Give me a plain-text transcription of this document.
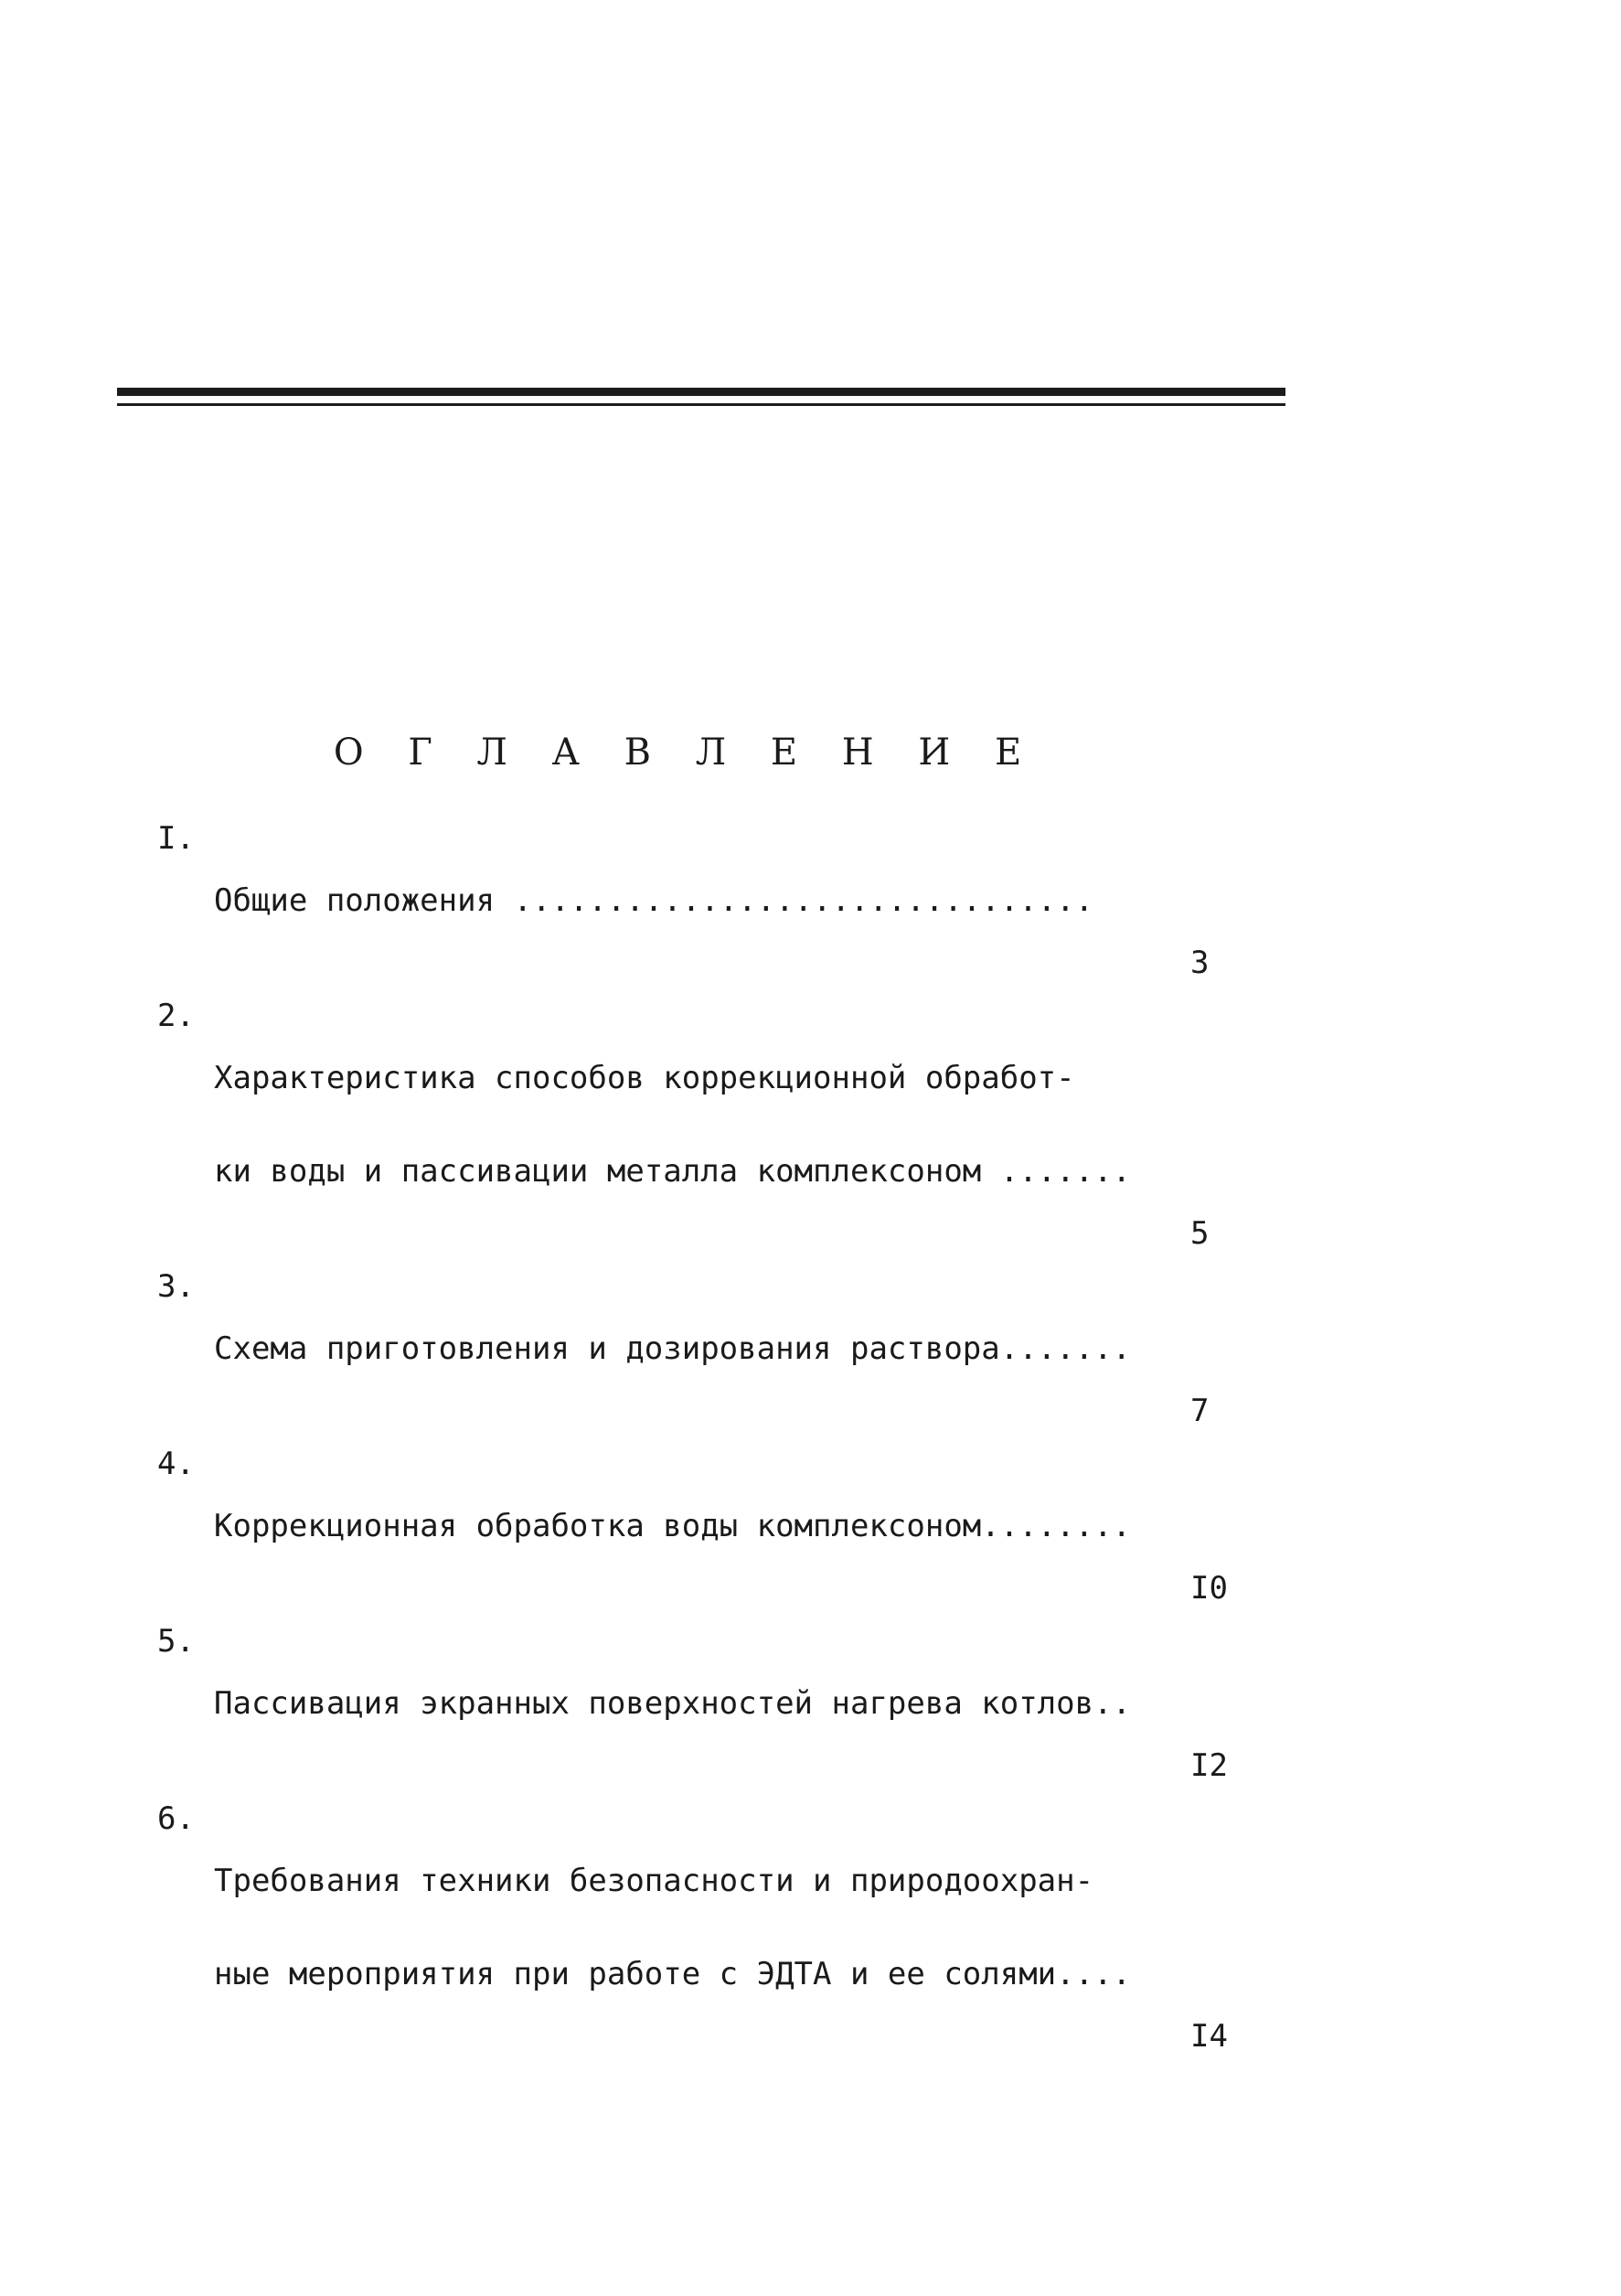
О Г Л А В Л Е Н И Е
I.

Общие положения ...............................

3
2.

Характеристика способов коррекционной обработ-

ки воды и пассивации металла комплексоном .......

5
3.

Схема приготовления и дозирования раствора.......

7
4.

Коррекционная обработка воды комплексоном........

I0
5.

Пассивация экранных поверхностей нагрева котлов..

I2
6.

Требования техники безопасности и природоохран-

ные мероприятия при работе с ЭДТА и ее солями....

I4
